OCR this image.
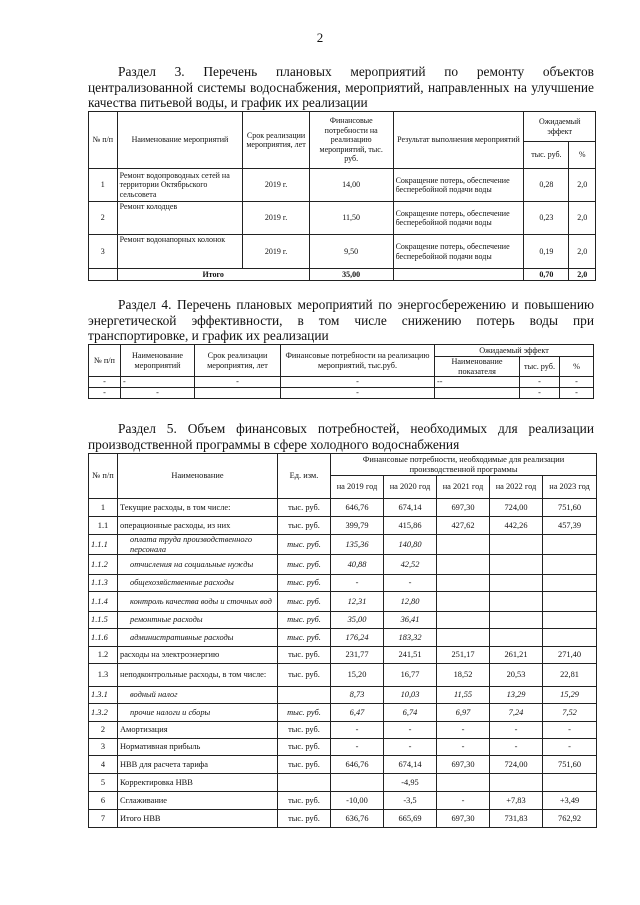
2
Раздел 3. Перечень плановых мероприятий по ремонту объектов централизованной системы водоснабжения, мероприятий, направленных на улучшение качества питьевой воды, и график их реализации
№ п/п	Наименование мероприятий	Срок реализации мероприятия, лет	Финансовые потребности на реализацию мероприятий, тыс. руб.	Результат выполнения мероприятий	Ожидаемый эффект	
					тыс. руб.	%
1	Ремонт водопроводных сетей на территории Октябрьского сельсовета	2019 г.	14,00	Сокращение потерь, обеспечение бесперебойной подачи воды	0,28	2,0
2	Ремонт колодцев	2019 г.	11,50	Сокращение потерь, обеспечение бесперебойной подачи воды	0,23	2,0
3	Ремонт водонапорных колонок	2019 г.	9,50	Сокращение потерь, обеспечение бесперебойной подачи воды	0,19	2,0
	Итого		35,00		0,70	2,0
Раздел 4. Перечень плановых мероприятий по энергосбережению и повышению энергетической эффективности, в том числе снижению потерь воды при транспортировке, и график их реализации
№ п/п	Наименование мероприятий	Срок реализации мероприятия, лет	Финансовые потребности на реализацию мероприятий, тыс.руб.	Ожидаемый эффект		
				Наименование показателя	тыс. руб.	%
-	-	-	-	--	-	-
-	-		-		-	-
Раздел 5. Объем финансовых потребностей, необходимых для реализации производственной программы в сфере холодного водоснабжения
№ п/п	Наименование	Ед. изм.	Финансовые потребности, необходимые для реализации производственной программы				
			на 2019 год	на 2020 год	на 2021 год	на 2022 год	на 2023 год
1	Текущие расходы, в том числе:	тыс. руб.	646,76	674,14	697,30	724,00	751,60
1.1	операционные расходы, из них	тыс. руб.	399,79	415,86	427,62	442,26	457,39
1.1.1	оплата труда производственного персонала	тыс. руб.	135,36	140,80			
1.1.2	отчисления на социальные нужды	тыс. руб.	40,88	42,52			
1.1.3	общехозяйственные расходы	тыс. руб.	-	-			
1.1.4	контроль качества воды и сточных вод	тыс. руб.	12,31	12,80			
1.1.5	ремонтные расходы	тыс. руб.	35,00	36,41			
1.1.6	административные расходы	тыс. руб.	176,24	183,32			
1.2	расходы на электроэнергию	тыс. руб.	231,77	241,51	251,17	261,21	271,40
1.3	неподконтрольные расходы, в том числе:	тыс. руб.	15,20	16,77	18,52	20,53	22,81
1.3.1	водный налог		8,73	10,03	11,55	13,29	15,29
1.3.2	прочие налоги и сборы	тыс. руб.	6,47	6,74	6,97	7,24	7,52
2	Амортизация	тыс. руб.	-	-	-	-	-
3	Нормативная прибыль	тыс. руб.	-	-	-	-	-
4	НВВ для расчета тарифа	тыс. руб.	646,76	674,14	697,30	724,00	751,60
5	Корректировка НВВ			-4,95			
6	Сглаживание	тыс. руб.	-10,00	-3,5	-	+7,83	+3,49
7	Итого НВВ	тыс. руб.	636,76	665,69	697,30	731,83	762,92
